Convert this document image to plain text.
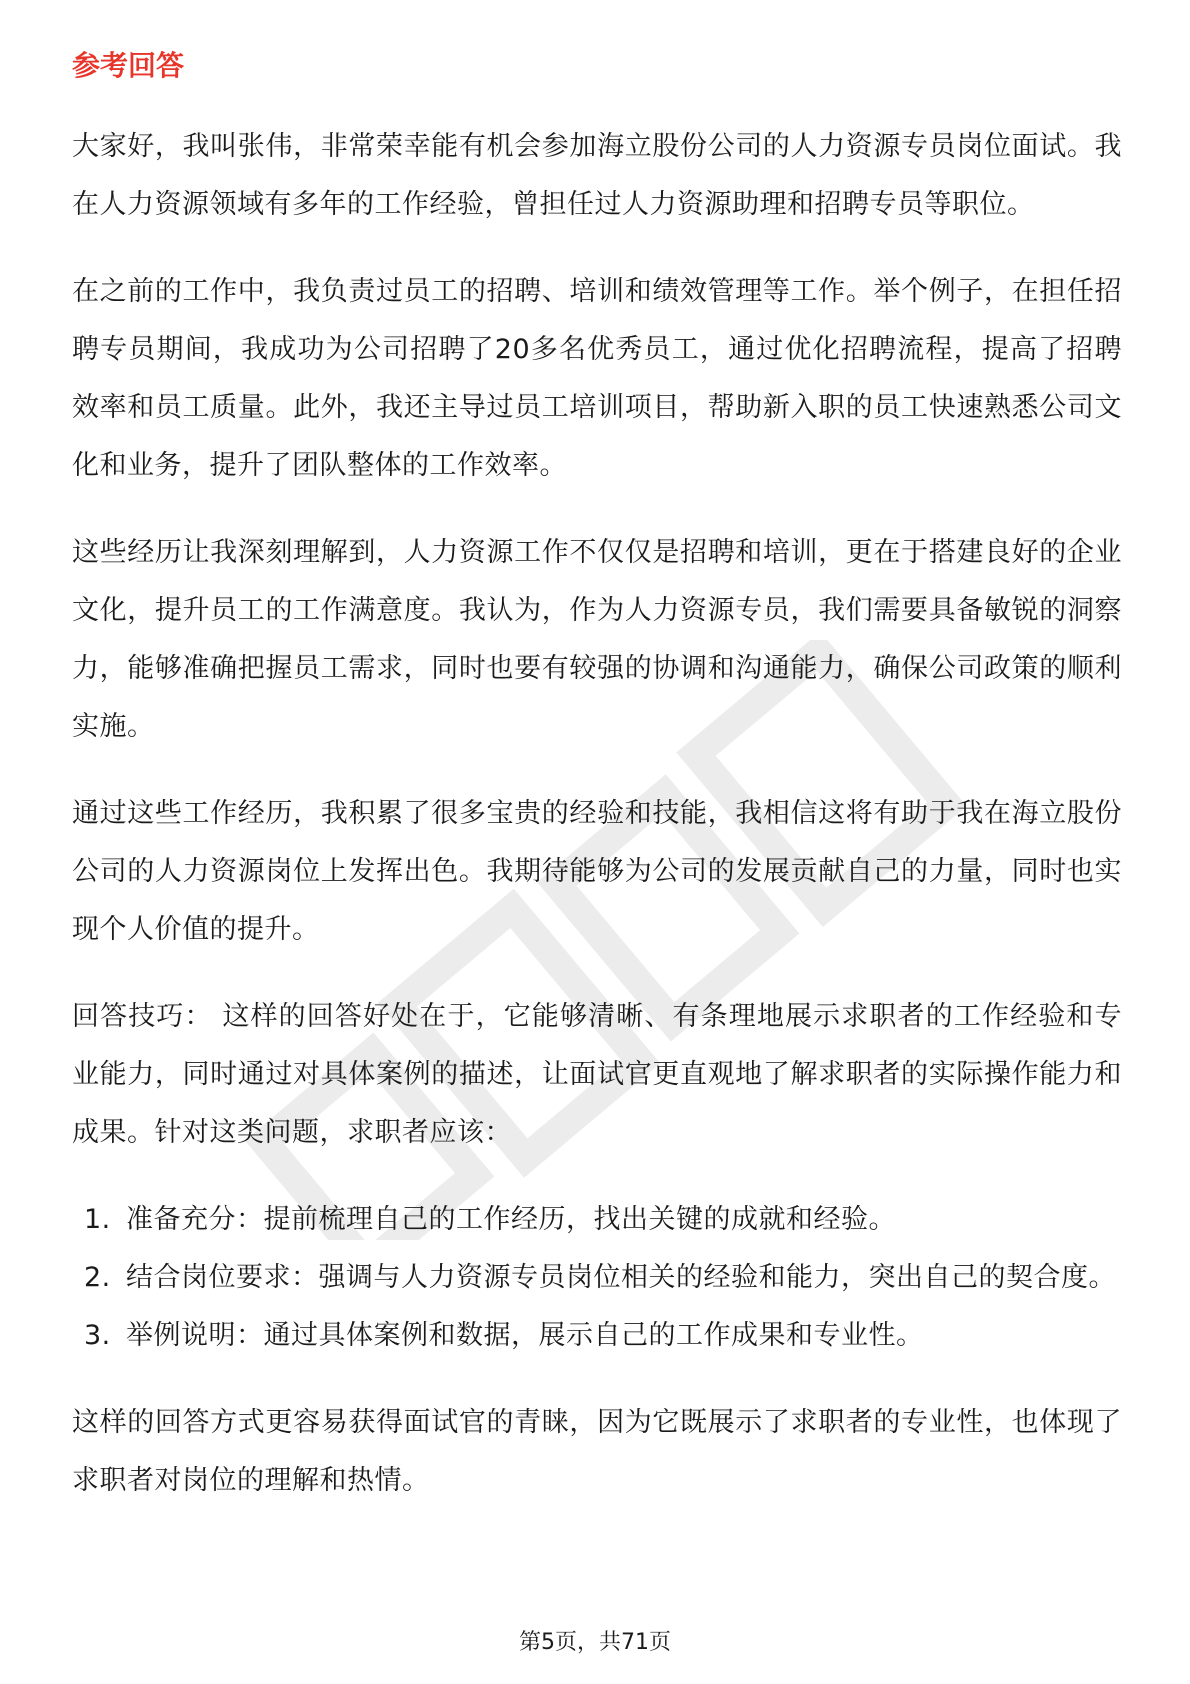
参考回答

大家好，我叫张伟，非常荣幸能有机会参加海立股份公司的人力资源专员岗位面试。我在人力资源领域有多年的工作经验，曾担任过人力资源助理和招聘专员等职位。

在之前的工作中，我负责过员工的招聘、培训和绩效管理等工作。举个例子，在担任招聘专员期间，我成功为公司招聘了20多名优秀员工，通过优化招聘流程，提高了招聘效率和员工质量。此外，我还主导过员工培训项目，帮助新入职的员工快速熟悉公司文化和业务，提升了团队整体的工作效率。

这些经历让我深刻理解到，人力资源工作不仅仅是招聘和培训，更在于搭建良好的企业文化，提升员工的工作满意度。我认为，作为人力资源专员，我们需要具备敏锐的洞察力，能够准确把握员工需求，同时也要有较强的协调和沟通能力，确保公司政策的顺利实施。

通过这些工作经历，我积累了很多宝贵的经验和技能，我相信这将有助于我在海立股份公司的人力资源岗位上发挥出色。我期待能够为公司的发展贡献自己的力量，同时也实现个人价值的提升。

回答技巧： 这样的回答好处在于，它能够清晰、有条理地展示求职者的工作经验和专业能力，同时通过对具体案例的描述，让面试官更直观地了解求职者的实际操作能力和成果。针对这类问题，求职者应该：

1. 准备充分：提前梳理自己的工作经历，找出关键的成就和经验。
2. 结合岗位要求：强调与人力资源专员岗位相关的经验和能力，突出自己的契合度。
3. 举例说明：通过具体案例和数据，展示自己的工作成果和专业性。

这样的回答方式更容易获得面试官的青睐，因为它既展示了求职者的专业性，也体现了求职者对岗位的理解和热情。

第5页，共71页
